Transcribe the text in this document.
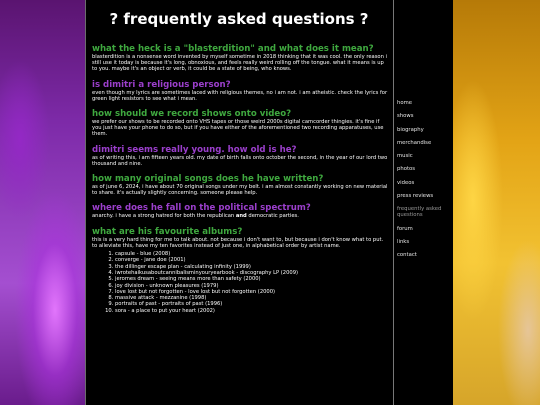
? frequently asked questions ?

what the heck is a "blasterdition" and what does it mean?

blasterdition is a nonsense word invented by myself sometime in 2018 thinking that it was cool. the only reason i still use it today is because it's long, obnoxious, and feels really weird rolling off the tongue. what it means is up to you. maybe it's an object or verb, it could be a state of being, who knows.

is dimitri a religious person?

even though my lyrics are sometimes laced with religious themes, no i am not. i am atheistic. check the lyrics for green light resistors to see what i mean.

how should we record shows onto video?

we prefer our shows to be recorded onto VHS tapes or those weird 2000s digital camcorder thingies. it's fine if you just have your phone to do so, but if you have either of the aforementioned two recording apparatuses, use them.

dimitri seems really young. how old is he?

as of writing this, i am fifteen years old. my date of birth falls onto october the second, in the year of our lord two thousand and nine.

how many original songs does he have written?

as of june 6, 2024, i have about 70 original songs under my belt. i am almost constantly working on new material to share. it's actually slightly concerning. someone please help.

where does he fall on the political spectrum?

anarchy. i have a strong hatred for both the republican and democratic parties.

what are his favourite albums?

this is a very hard thing for me to talk about. not because i don't want to, but because i don't know what to put. to alleviate this, have my ten favorites instead of just one, in alphabetical order by artist name.

1. capsule - blue (2008)
2. converge - jane doe (2001)
3. the dillinger escape plan - calculating infinity (1999)
4. iwrotehaikusaboutcannibalisminyouryearbook - discography LP (2009)
5. jeromes dream - seeing means more than safety (2000)
6. joy division - unknown pleasures (1979)
7. love lost but not forgotten - love lost but not forgotten (2000)
8. massive attack - mezzanine (1998)
9. portraits of past - portraits of past (1996)
10. sora - a place to put your heart (2002)
home
shows
biography
merchandise
music
photos
videos
press reviews
frequently asked questions
forum
links
contact
